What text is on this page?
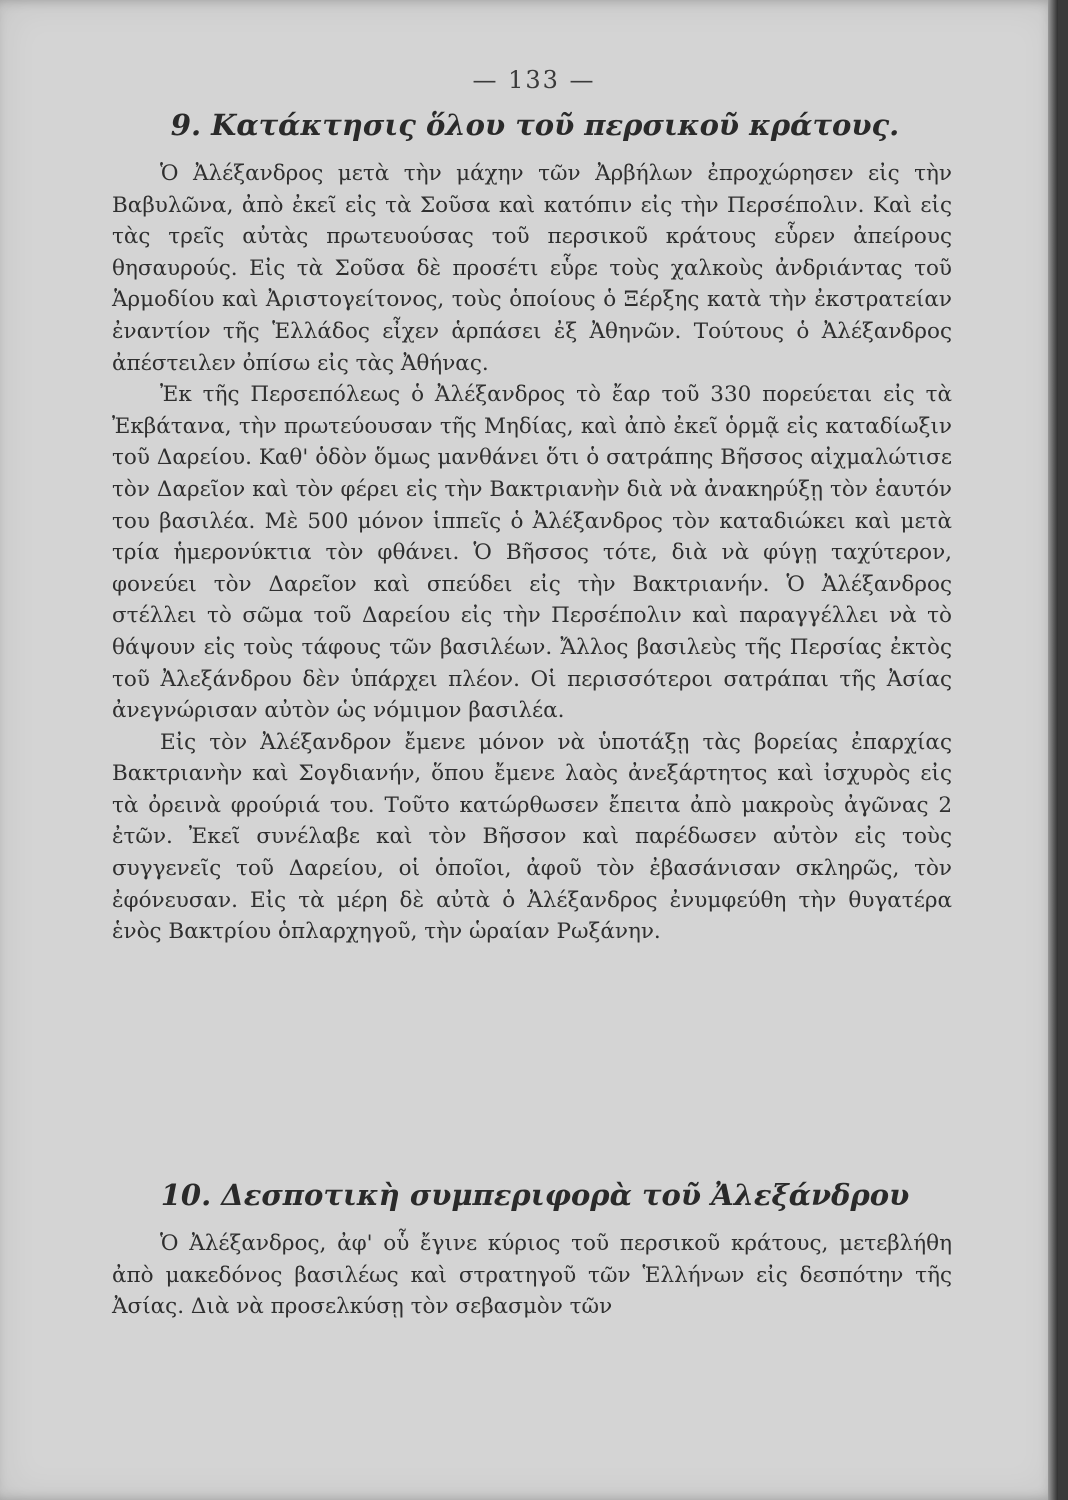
— 133 —
9. Κατάκτησις ὅλου τοῦ περσικοῦ κράτους.

Ὁ Ἀλέξανδρος μετὰ τὴν μάχην τῶν Ἀρβήλων ἐπροχώρησεν εἰς τὴν Βαβυλῶνα, ἀπὸ ἐκεῖ εἰς τὰ Σοῦσα καὶ κατόπιν εἰς τὴν Περσέπολιν. Καὶ εἰς τὰς τρεῖς αὐτὰς πρωτευούσας τοῦ περσικοῦ κράτους εὗρεν ἀπείρους θησαυρούς. Εἰς τὰ Σοῦσα δὲ προσέτι εὗρε τοὺς χαλκοὺς ἀνδριάντας τοῦ Ἁρμοδίου καὶ Ἀριστογείτονος, τοὺς ὁποίους ὁ Ξέρξης κατὰ τὴν ἐκστρατείαν ἐναντίον τῆς Ἑλλάδος εἶχεν ἁρπάσει ἐξ Ἀθηνῶν. Τούτους ὁ Ἀλέξανδρος ἀπέστειλεν ὀπίσω εἰς τὰς Ἀθήνας.

Ἐκ τῆς Περσεπόλεως ὁ Ἀλέξανδρος τὸ ἔαρ τοῦ 330 πορεύεται εἰς τὰ Ἐκβάτανα, τὴν πρωτεύουσαν τῆς Μηδίας, καὶ ἀπὸ ἐκεῖ ὁρμᾷ εἰς καταδίωξιν τοῦ Δαρείου. Καθ' ὁδὸν ὅμως μανθάνει ὅτι ὁ σατράπης Βῆσσος αἰχμαλώτισε τὸν Δαρεῖον καὶ τὸν φέρει εἰς τὴν Βακτριανὴν διὰ νὰ ἀνακηρύξῃ τὸν ἑαυτόν του βασιλέα. Μὲ 500 μόνον ἱππεῖς ὁ Ἀλέξανδρος τὸν καταδιώκει καὶ μετὰ τρία ἡμερονύκτια τὸν φθάνει. Ὁ Βῆσσος τότε, διὰ νὰ φύγῃ ταχύτερον, φονεύει τὸν Δαρεῖον καὶ σπεύδει εἰς τὴν Βακτριανήν. Ὁ Ἀλέξανδρος στέλλει τὸ σῶμα τοῦ Δαρείου εἰς τὴν Περσέπολιν καὶ παραγγέλλει νὰ τὸ θάψουν εἰς τοὺς τάφους τῶν βασιλέων. Ἄλλος βασιλεὺς τῆς Περσίας ἐκτὸς τοῦ Ἀλεξάνδρου δὲν ὑπάρχει πλέον. Οἱ περισσότεροι σατράπαι τῆς Ἀσίας ἀνεγνώρισαν αὐτὸν ὡς νόμιμον βασιλέα.

Εἰς τὸν Ἀλέξανδρον ἔμενε μόνον νὰ ὑποτάξῃ τὰς βορείας ἐπαρχίας Βακτριανὴν καὶ Σογδιανήν, ὅπου ἔμενε λαὸς ἀνεξάρτητος καὶ ἰσχυρὸς εἰς τὰ ὀρεινὰ φρούριά του. Τοῦτο κατώρθωσεν ἔπειτα ἀπὸ μακροὺς ἀγῶνας 2 ἐτῶν. Ἐκεῖ συνέλαβε καὶ τὸν Βῆσσον καὶ παρέδωσεν αὐτὸν εἰς τοὺς συγγενεῖς τοῦ Δαρείου, οἱ ὁποῖοι, ἀφοῦ τὸν ἐβασάνισαν σκληρῶς, τὸν ἐφόνευσαν. Εἰς τὰ μέρη δὲ αὐτὰ ὁ Ἀλέξανδρος ἐνυμφεύθη τὴν θυγατέρα ἑνὸς Βακτρίου ὁπλαρχηγοῦ, τὴν ὡραίαν Ρωξάνην.

10. Δεσποτικὴ συμπεριφορὰ τοῦ Ἀλεξάνδρου

Ὁ Ἀλέξανδρος, ἀφ' οὗ ἔγινε κύριος τοῦ περσικοῦ κράτους, μετεβλήθη ἀπὸ μακεδόνος βασιλέως καὶ στρατηγοῦ τῶν Ἑλλήνων εἰς δεσπότην τῆς Ἀσίας. Διὰ νὰ προσελκύσῃ τὸν σεβασμὸν τῶν
